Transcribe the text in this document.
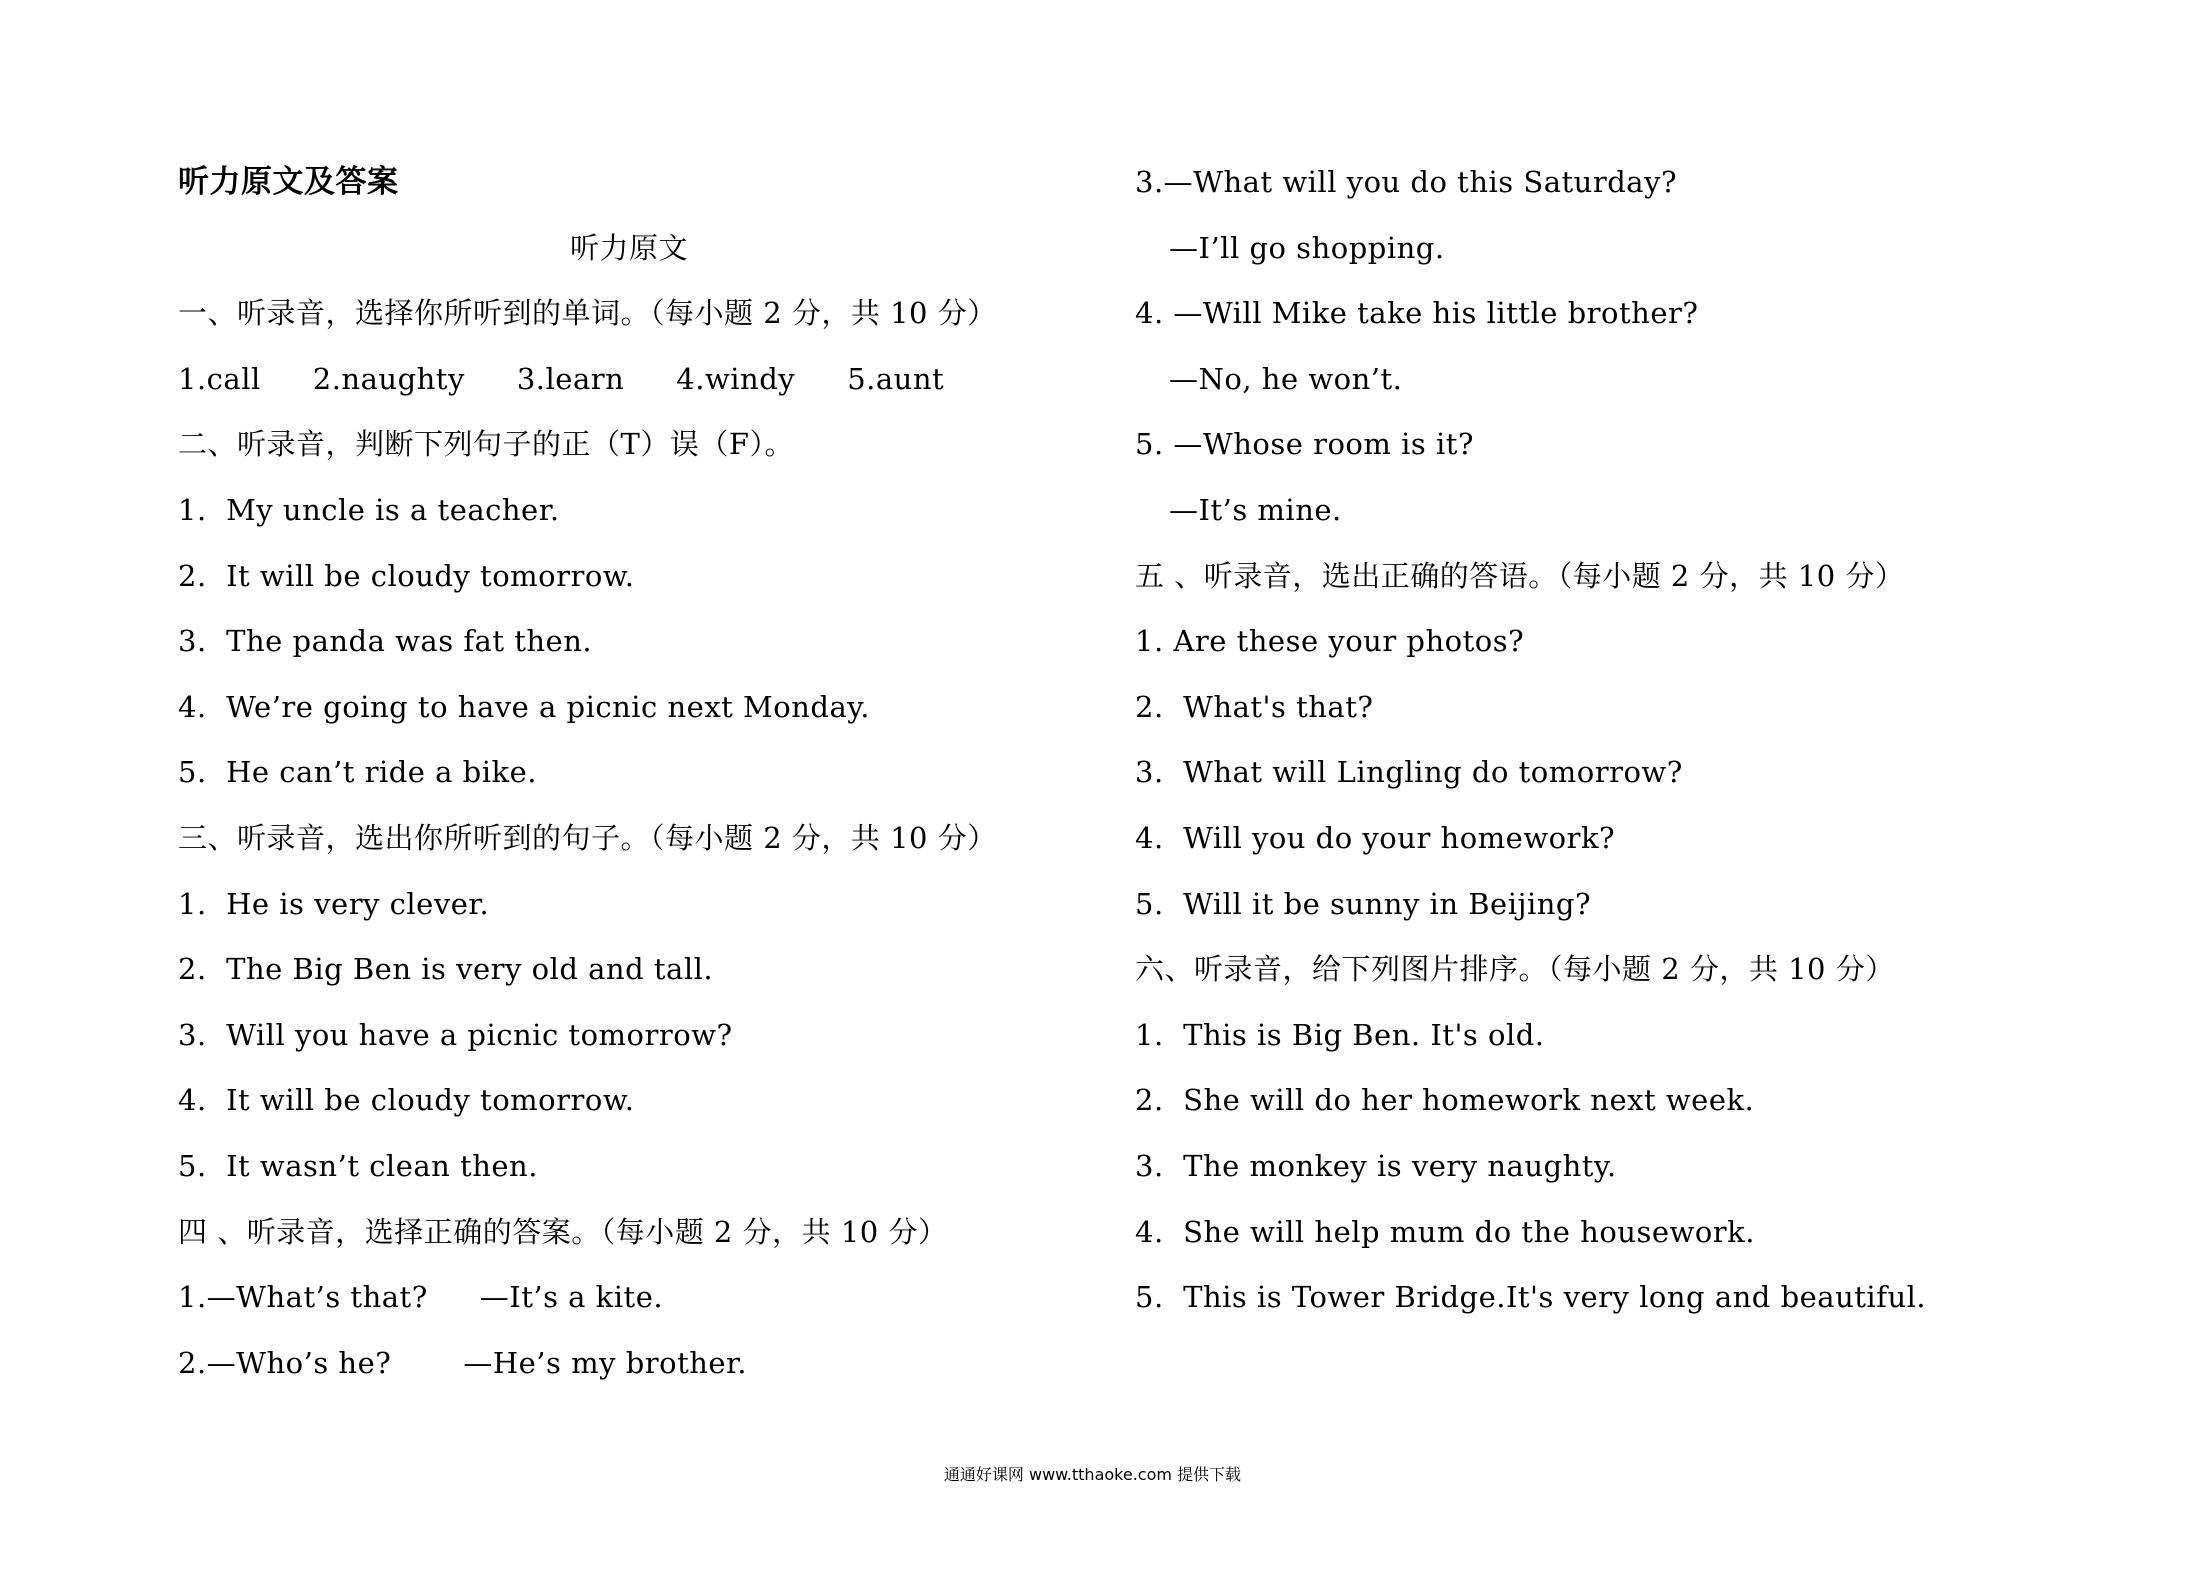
听力原文及答案
听力原文
一、听录音，选择你所听到的单词。（每小题 2 分，共 10 分）
1.call 2.naughty 3.learn 4.windy 5.aunt
二、听录音，判断下列句子的正（T）误（F）。
1.  My uncle is a teacher.
2.  It will be cloudy tomorrow.
3.  The panda was fat then.
4.  We’re going to have a picnic next Monday.
5.  He can’t ride a bike.
三、听录音，选出你所听到的句子。（每小题 2 分，共 10 分）
1.  He is very clever.
2.  The Big Ben is very old and tall.
3.  Will you have a picnic tomorrow?
4.  It will be cloudy tomorrow.
5.  It wasn’t clean then.
四 、听录音，选择正确的答案。（每小题 2 分，共 10 分）
1.—What’s that? —It’s a kite.
2.—Who’s he? —He’s my brother.
3.—What will you do this Saturday?
—I’ll go shopping.
4. —Will Mike take his little brother?
—No, he won’t.
5. —Whose room is it?
—It’s mine.
五 、听录音，选出正确的答语。（每小题 2 分，共 10 分）
1. Are these your photos?
2.  What's that?
3.  What will Lingling do tomorrow?
4.  Will you do your homework?
5.  Will it be sunny in Beijing?
六、听录音，给下列图片排序。（每小题 2 分，共 10 分）
1.  This is Big Ben. It's old.
2.  She will do her homework next week.
3.  The monkey is very naughty.
4.  She will help mum do the housework.
5.  This is Tower Bridge.It's very long and beautiful.
通通好课网 www.tthaoke.com 提供下载
